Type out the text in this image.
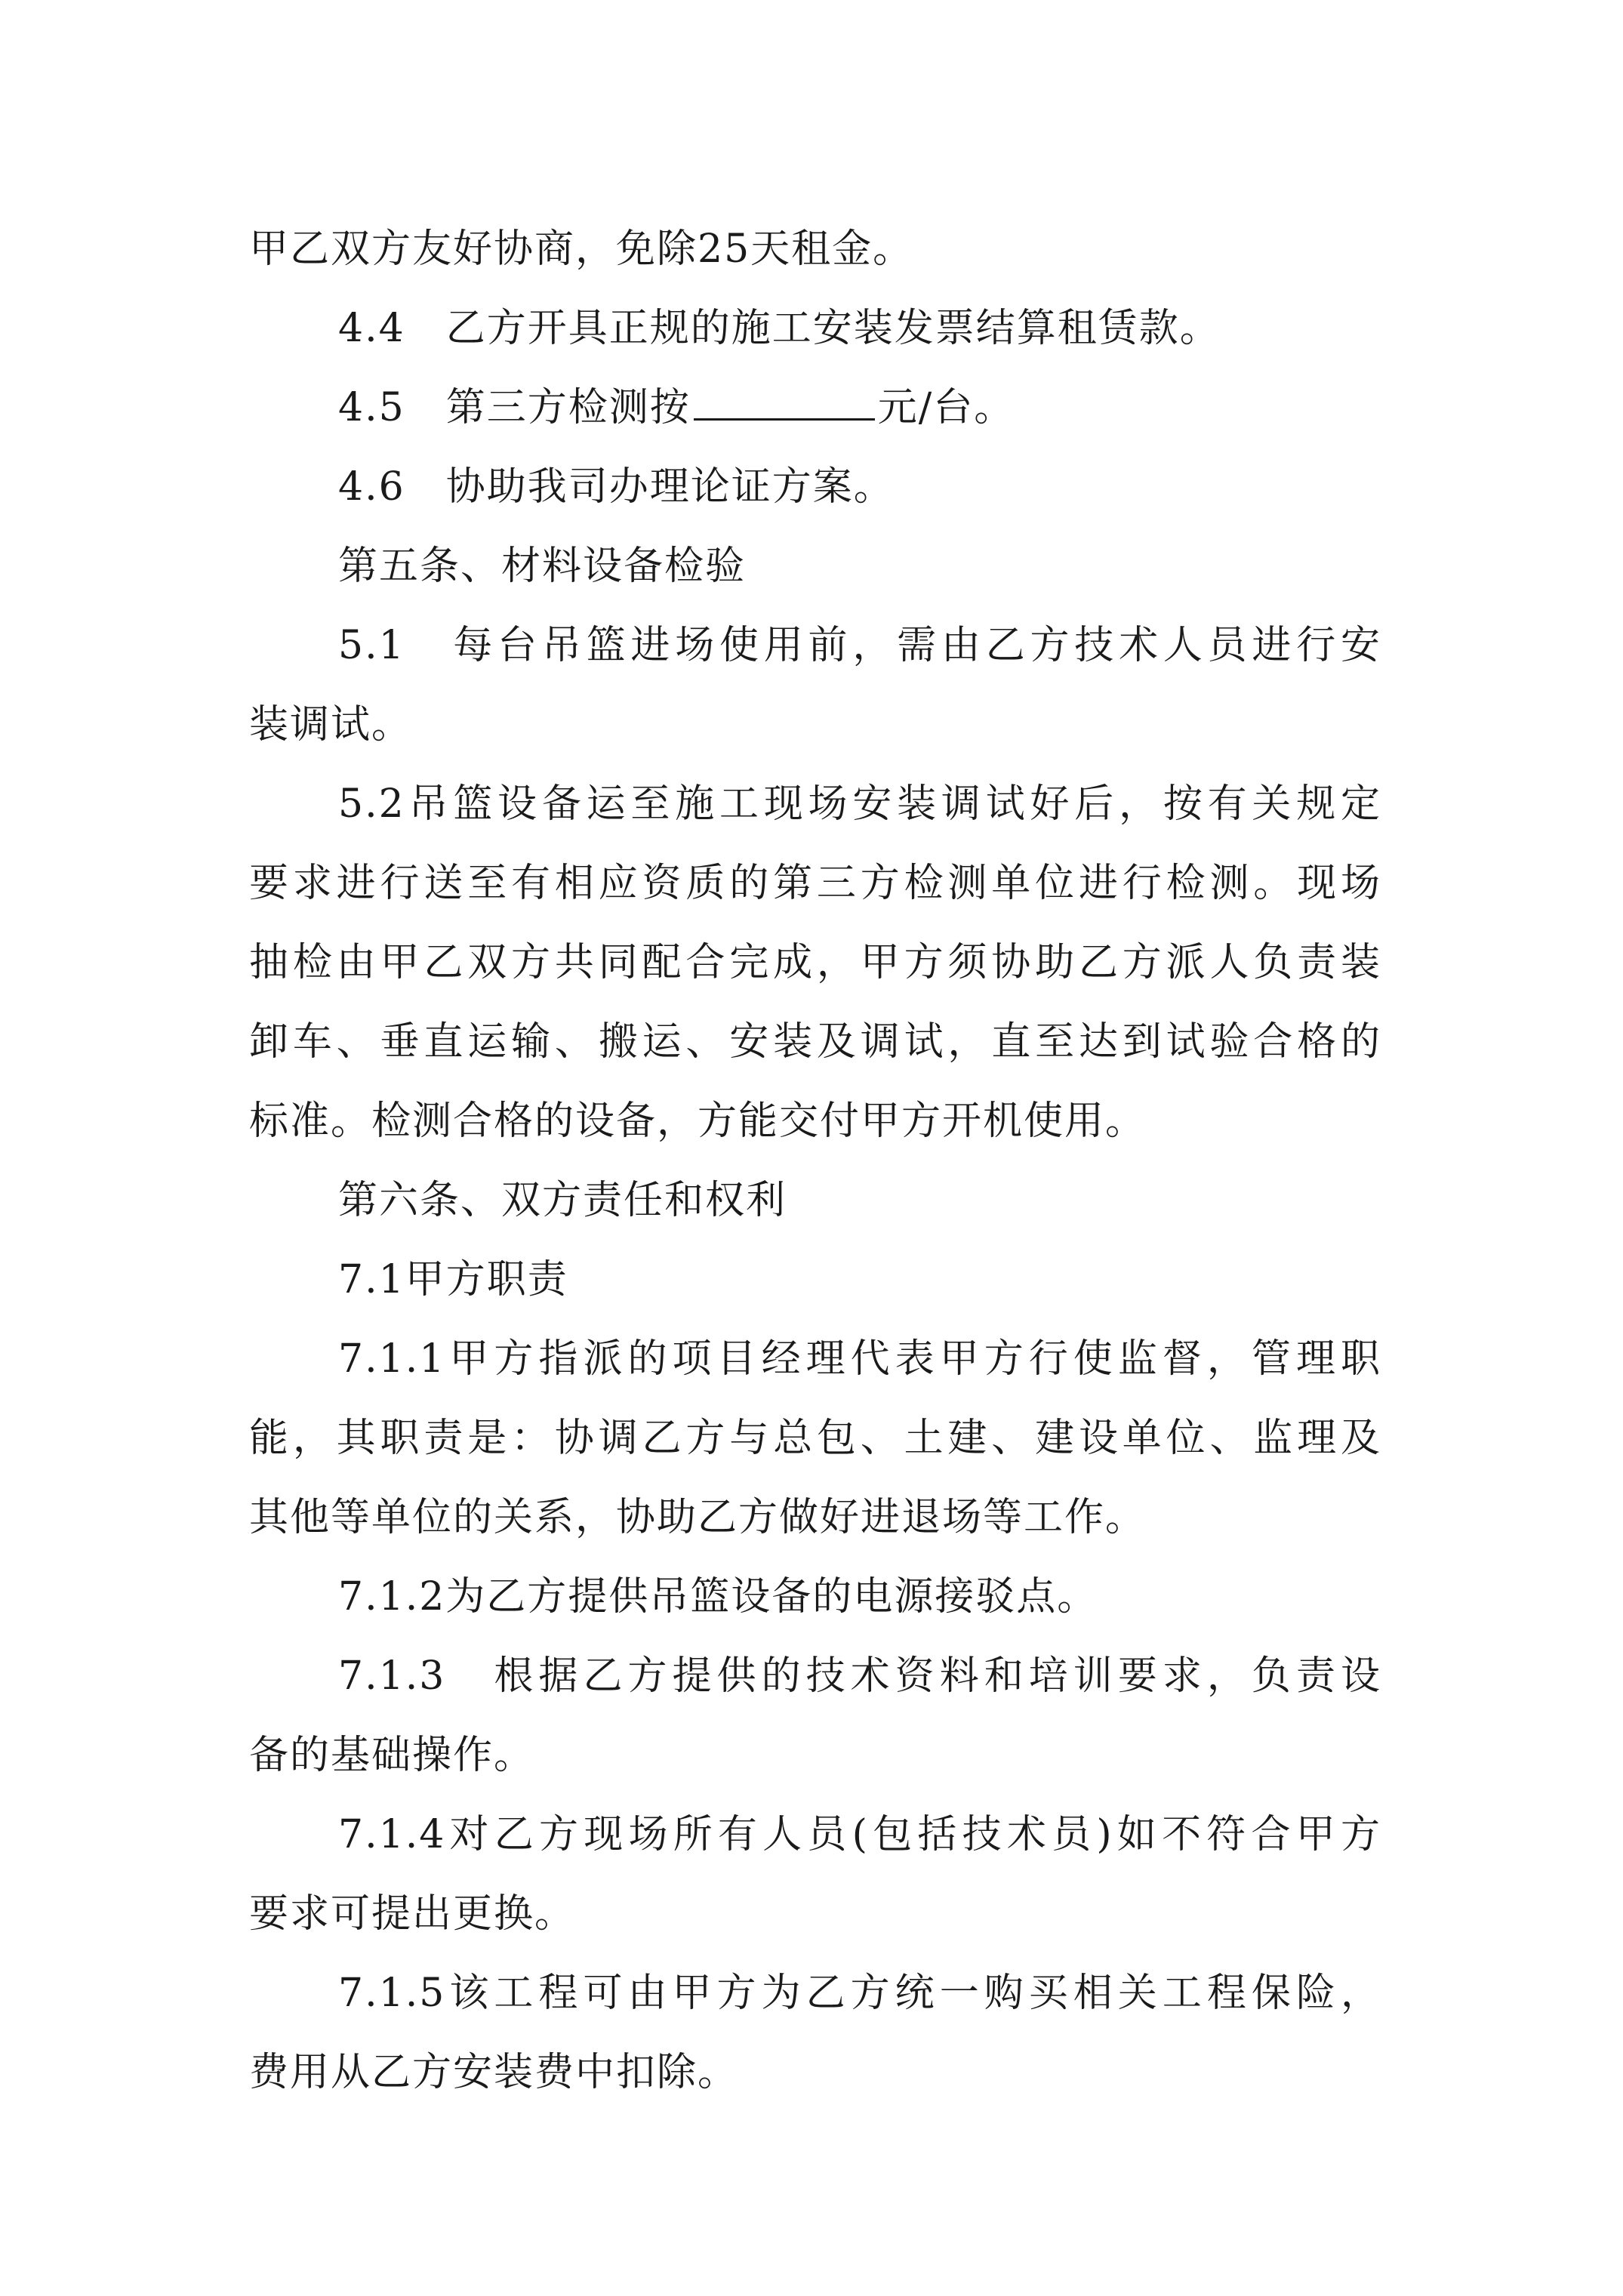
甲乙双方友好协商，免除25天租金。
4.4　乙方开具正规的施工安装发票结算租赁款。
4.5　第三方检测按	元/台。
4.6　协助我司办理论证方案。
第五条、材料设备检验
5.1　每台吊篮进场使用前，需由乙方技术人员进行安
装调试。
5.2吊篮设备运至施工现场安装调试好后，按有关规定
要求进行送至有相应资质的第三方检测单位进行检测。现场
抽检由甲乙双方共同配合完成，甲方须协助乙方派人负责装
卸车、垂直运输、搬运、安装及调试，直至达到试验合格的
标准。检测合格的设备，方能交付甲方开机使用。
第六条、双方责任和权利
7.1甲方职责
7.1.1甲方指派的项目经理代表甲方行使监督，管理职
能，其职责是：协调乙方与总包、土建、建设单位、监理及
其他等单位的关系，协助乙方做好进退场等工作。
7.1.2为乙方提供吊篮设备的电源接驳点。
7.1.3　根据乙方提供的技术资料和培训要求，负责设
备的基础操作。
7.1.4对乙方现场所有人员(包括技术员)如不符合甲方
要求可提出更换。
7.1.5该工程可由甲方为乙方统一购买相关工程保险，
费用从乙方安装费中扣除。
